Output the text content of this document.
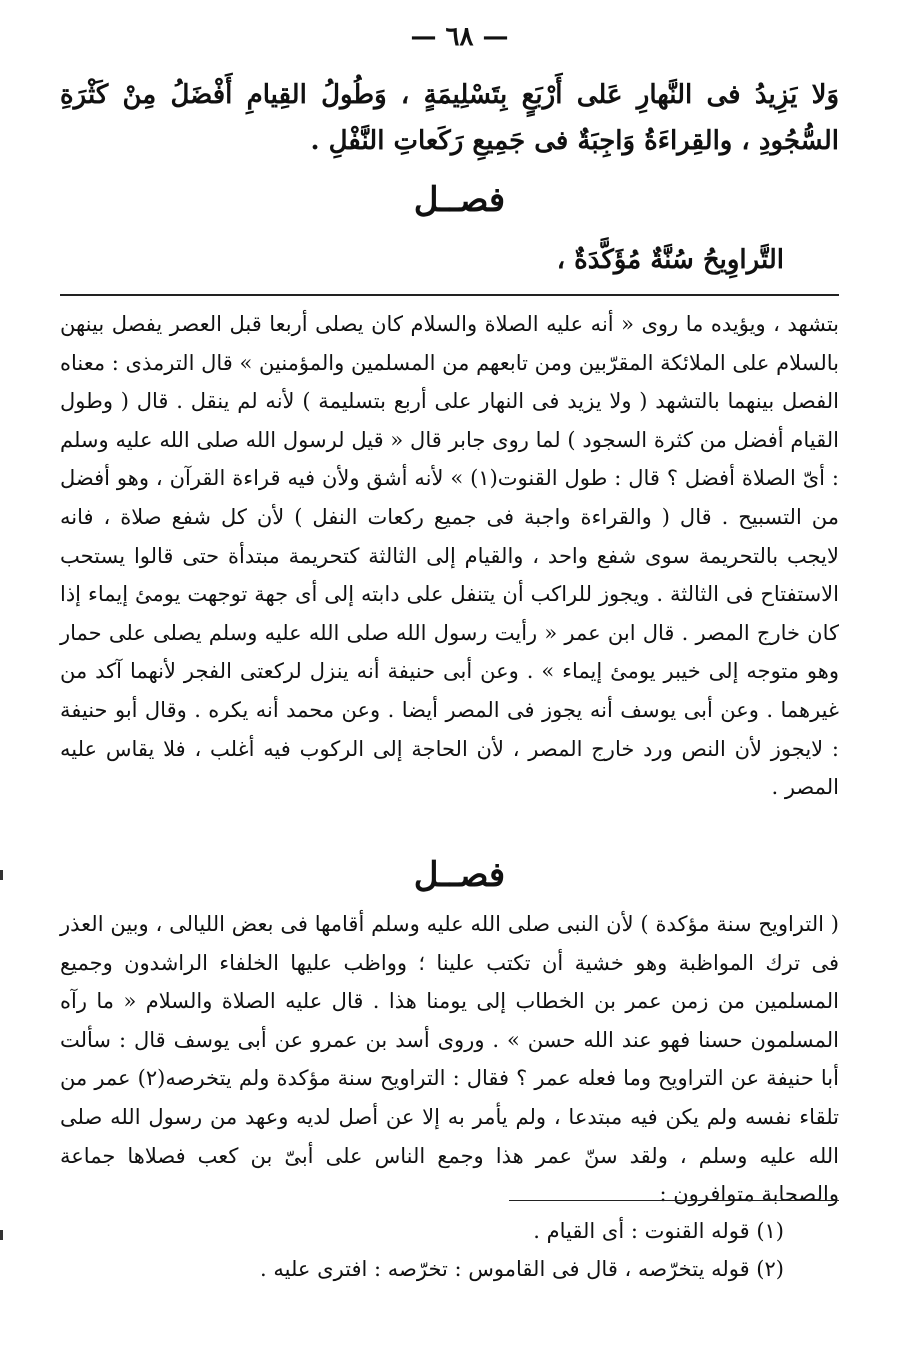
— ٦٨ —
وَلا يَزِيدُ فى النَّهارِ عَلى أَرْبَعٍ بِتَسْلِيمَةٍ ، وَطُولُ القِيامِ أَفْضَلُ مِنْ كَثْرَةِ السُّجُودِ ، والقِراءَةُ وَاجِبَةٌ فى جَمِيعِ رَكَعاتِ النَّفْلِ .
فصــل
التَّراوِيحُ سُنَّةٌ مُؤَكَّدَةٌ ،
بتشهد ، ويؤيده ما روى « أنه عليه الصلاة والسلام كان يصلى أربعا قبل العصر يفصل بينهن بالسلام على الملائكة المقرّبين ومن تابعهم من المسلمين والمؤمنين » قال الترمذى : معناه الفصل بينهما بالتشهد ( ولا يزيد فى النهار على أربع بتسليمة ) لأنه لم ينقل . قال ( وطول القيام أفضل من كثرة السجود ) لما روى جابر قال « قيل لرسول الله صلى الله عليه وسلم : أىّ الصلاة أفضل ؟ قال : طول القنوت(١) » لأنه أشق ولأن فيه قراءة القرآن ، وهو أفضل من التسبيح . قال ( والقراءة واجبة فى جميع ركعات النفل ) لأن كل شفع صلاة ، فانه لايجب بالتحريمة سوى شفع واحد ، والقيام إلى الثالثة كتحريمة مبتدأة حتى قالوا يستحب الاستفتاح فى الثالثة . ويجوز للراكب أن يتنفل على دابته إلى أى جهة توجهت يومئ إيماء إذا كان خارج المصر . قال ابن عمر « رأيت رسول الله صلى الله عليه وسلم يصلى على حمار وهو متوجه إلى خيبر يومئ إيماء » . وعن أبى حنيفة أنه ينزل لركعتى الفجر لأنهما آكد من غيرهما . وعن أبى يوسف أنه يجوز فى المصر أيضا . وعن محمد أنه يكره . وقال أبو حنيفة : لايجوز لأن النص ورد خارج المصر ، لأن الحاجة إلى الركوب فيه أغلب ، فلا يقاس عليه المصر .
فصــل
( التراويح سنة مؤكدة ) لأن النبى صلى الله عليه وسلم أقامها فى بعض الليالى ، وبين العذر فى ترك المواظبة وهو خشية أن تكتب علينا ؛ وواظب عليها الخلفاء الراشدون وجميع المسلمين من زمن عمر بن الخطاب إلى يومنا هذا . قال عليه الصلاة والسلام « ما رآه المسلمون حسنا فهو عند الله حسن » . وروى أسد بن عمرو عن أبى يوسف قال : سألت أبا حنيفة عن التراويح وما فعله عمر ؟ فقال : التراويح سنة مؤكدة ولم يتخرصه(٢) عمر من تلقاء نفسه ولم يكن فيه مبتدعا ، ولم يأمر به إلا عن أصل لديه وعهد من رسول الله صلى الله عليه وسلم ، ولقد سنّ عمر هذا وجمع الناس على أبىّ بن كعب فصلاها جماعة والصحابة متوافرون :
(١) قوله القنوت : أى القيام .
(٢) قوله يتخرّصه ، قال فى القاموس : تخرّصه : افترى عليه .
